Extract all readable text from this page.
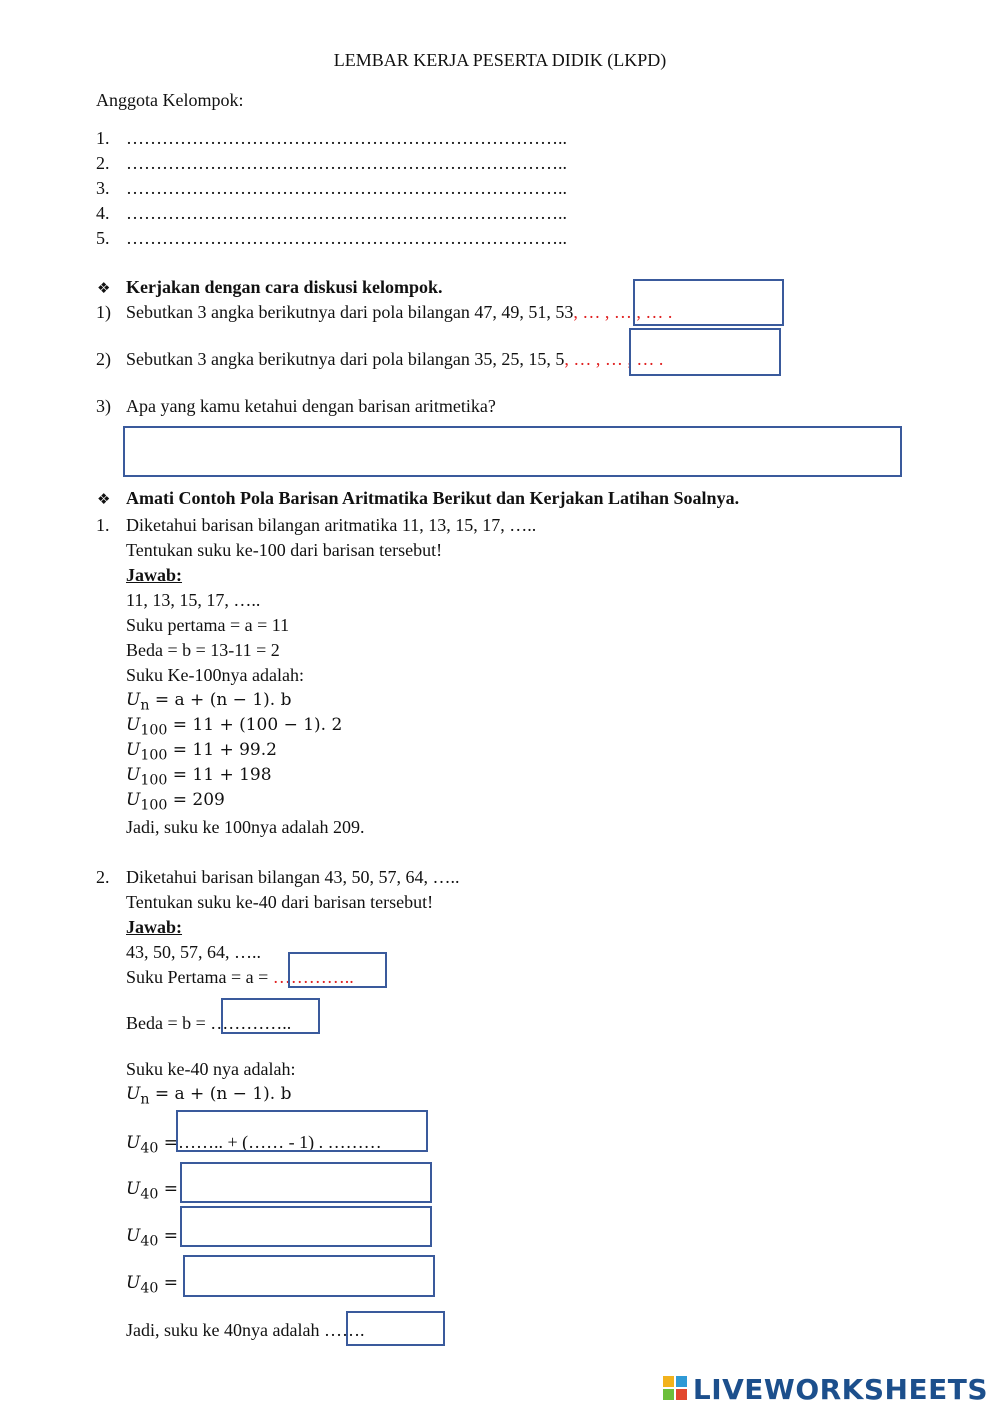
LEMBAR KERJA PESERTA DIDIK (LKPD)
Anggota Kelompok:
1. ………………………………………………………………..
2. ………………………………………………………………..
3. ………………………………………………………………..
4. ………………………………………………………………..
5. ………………………………………………………………..
❖ Kerjakan dengan cara diskusi kelompok.
1) Sebutkan 3 angka berikutnya dari pola bilangan 47, 49, 51, 53, … , … , … .
2) Sebutkan 3 angka berikutnya dari pola bilangan 35, 25, 15, 5, … , … , … .
3) Apa yang kamu ketahui dengan barisan aritmetika?
❖ Amati Contoh Pola Barisan Aritmatika Berikut dan Kerjakan Latihan Soalnya.
1. Diketahui barisan bilangan aritmatika 11, 13, 15, 17, …..
Tentukan suku ke-100 dari barisan tersebut!
Jawab:
11, 13, 15, 17, …..
Suku pertama = a = 11
Beda = b = 13-11 = 2
Suku Ke-100nya adalah:
$U_n = a + (n - 1)$. b
$U_{100} = 11 + (100 - 1)$. 2
$U_{100} = 11 + 99.2$
$U_{100} = 11 + 198$
$U_{100} = 209$
Jadi, suku ke 100nya adalah 209.
2. Diketahui barisan bilangan 43, 50, 57, 64, …..
Tentukan suku ke-40 dari barisan tersebut!
Jawab:
43, 50, 57, 64, …..
Suku Pertama = a = …………..
Beda = b = …………..
Suku ke-40 nya adalah:
$U_n = a + (n - 1)$. b
$U_{40}$ =…….. + (…… - 1) . ………
$U_{40}$ =
$U_{40}$ =
$U_{40}$ =
Jadi, suku ke 40nya adalah …….
LIVEWORKSHEETS
